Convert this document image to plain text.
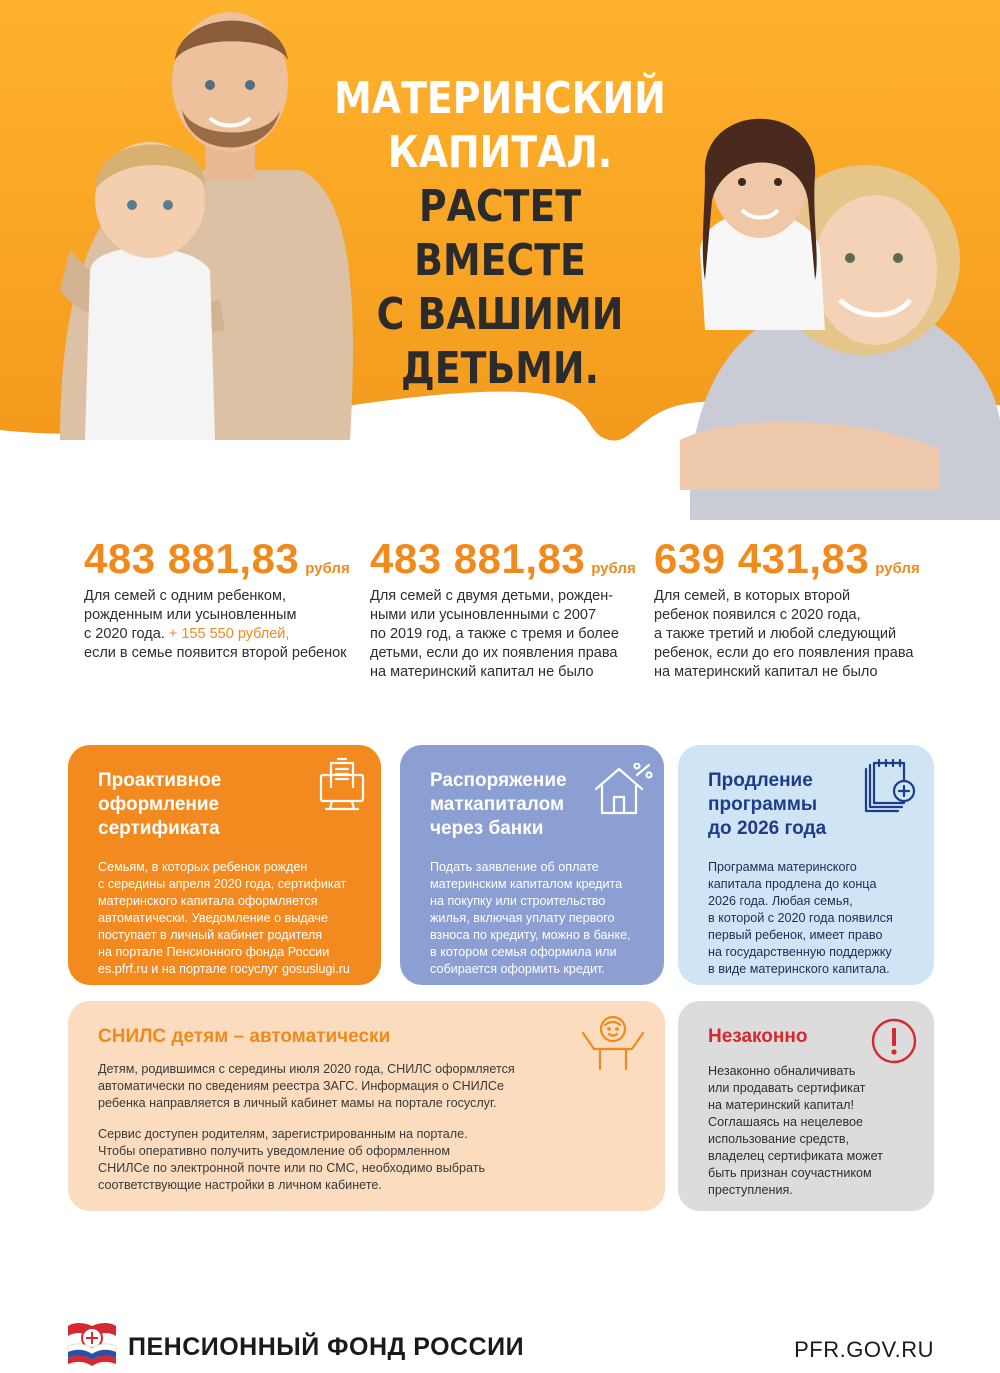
МАТЕРИНСКИЙ
КАПИТАЛ.
РАСТЕТ ВМЕСТЕ
С ВАШИМИ
ДЕТЬМИ.
483 881,83 рубля
Для семей с одним ребенком,
рожденным или усыновленным
с 2020 года. + 155 550 рублей,
если в семье появится второй ребенок
483 881,83 рубля
Для семей с двумя детьми, рожден-
ными или усыновленными с 2007
по 2019 год, а также с тремя и более
детьми, если до их появления права
на материнский капитал не было
639 431,83 рубля
Для семей, в которых второй
ребенок появился с 2020 года,
а также третий и любой следующий
ребенок, если до его появления права
на материнский капитал не было
Проактивное
оформление
сертификата
Семьям, в которых ребенок рожден
с середины апреля 2020 года, сертификат
материнского капитала оформляется
автоматически. Уведомление о выдаче
поступает в личный кабинет родителя
на портале Пенсионного фонда России
es.pfrf.ru и на портале госуслуг gosuslugi.ru
Распоряжение
маткапиталом
через банки
Подать заявление об оплате
материнским капиталом кредита
на покупку или строительство
жилья, включая уплату первого
взноса по кредиту, можно в банке,
в котором семья оформила или
собирается оформить кредит.
Продление
программы
до 2026 года
Программа материнского
капитала продлена до конца
2026 года. Любая семья,
в которой с 2020 года появился
первый ребенок, имеет право
на государственную поддержку
в виде материнского капитала.
СНИЛС детям – автоматически
Детям, родившимся с середины июля 2020 года, СНИЛС оформляется
автоматически по сведениям реестра ЗАГС. Информация о СНИЛСе
ребенка направляется в личный кабинет мамы на портале госуслуг.
Сервис доступен родителям, зарегистрированным на портале.
Чтобы оперативно получить уведомление об оформленном
СНИЛСе по электронной почте или по СМС, необходимо выбрать
соответствующие настройки в личном кабинете.
Незаконно
Незаконно обналичивать
или продавать сертификат
на материнский капитал!
Соглашаясь на нецелевое
использование средств,
владелец сертификата может
быть признан соучастником
преступления.
ПЕНСИОННЫЙ ФОНД РОССИИ	PFR.GOV.RU
